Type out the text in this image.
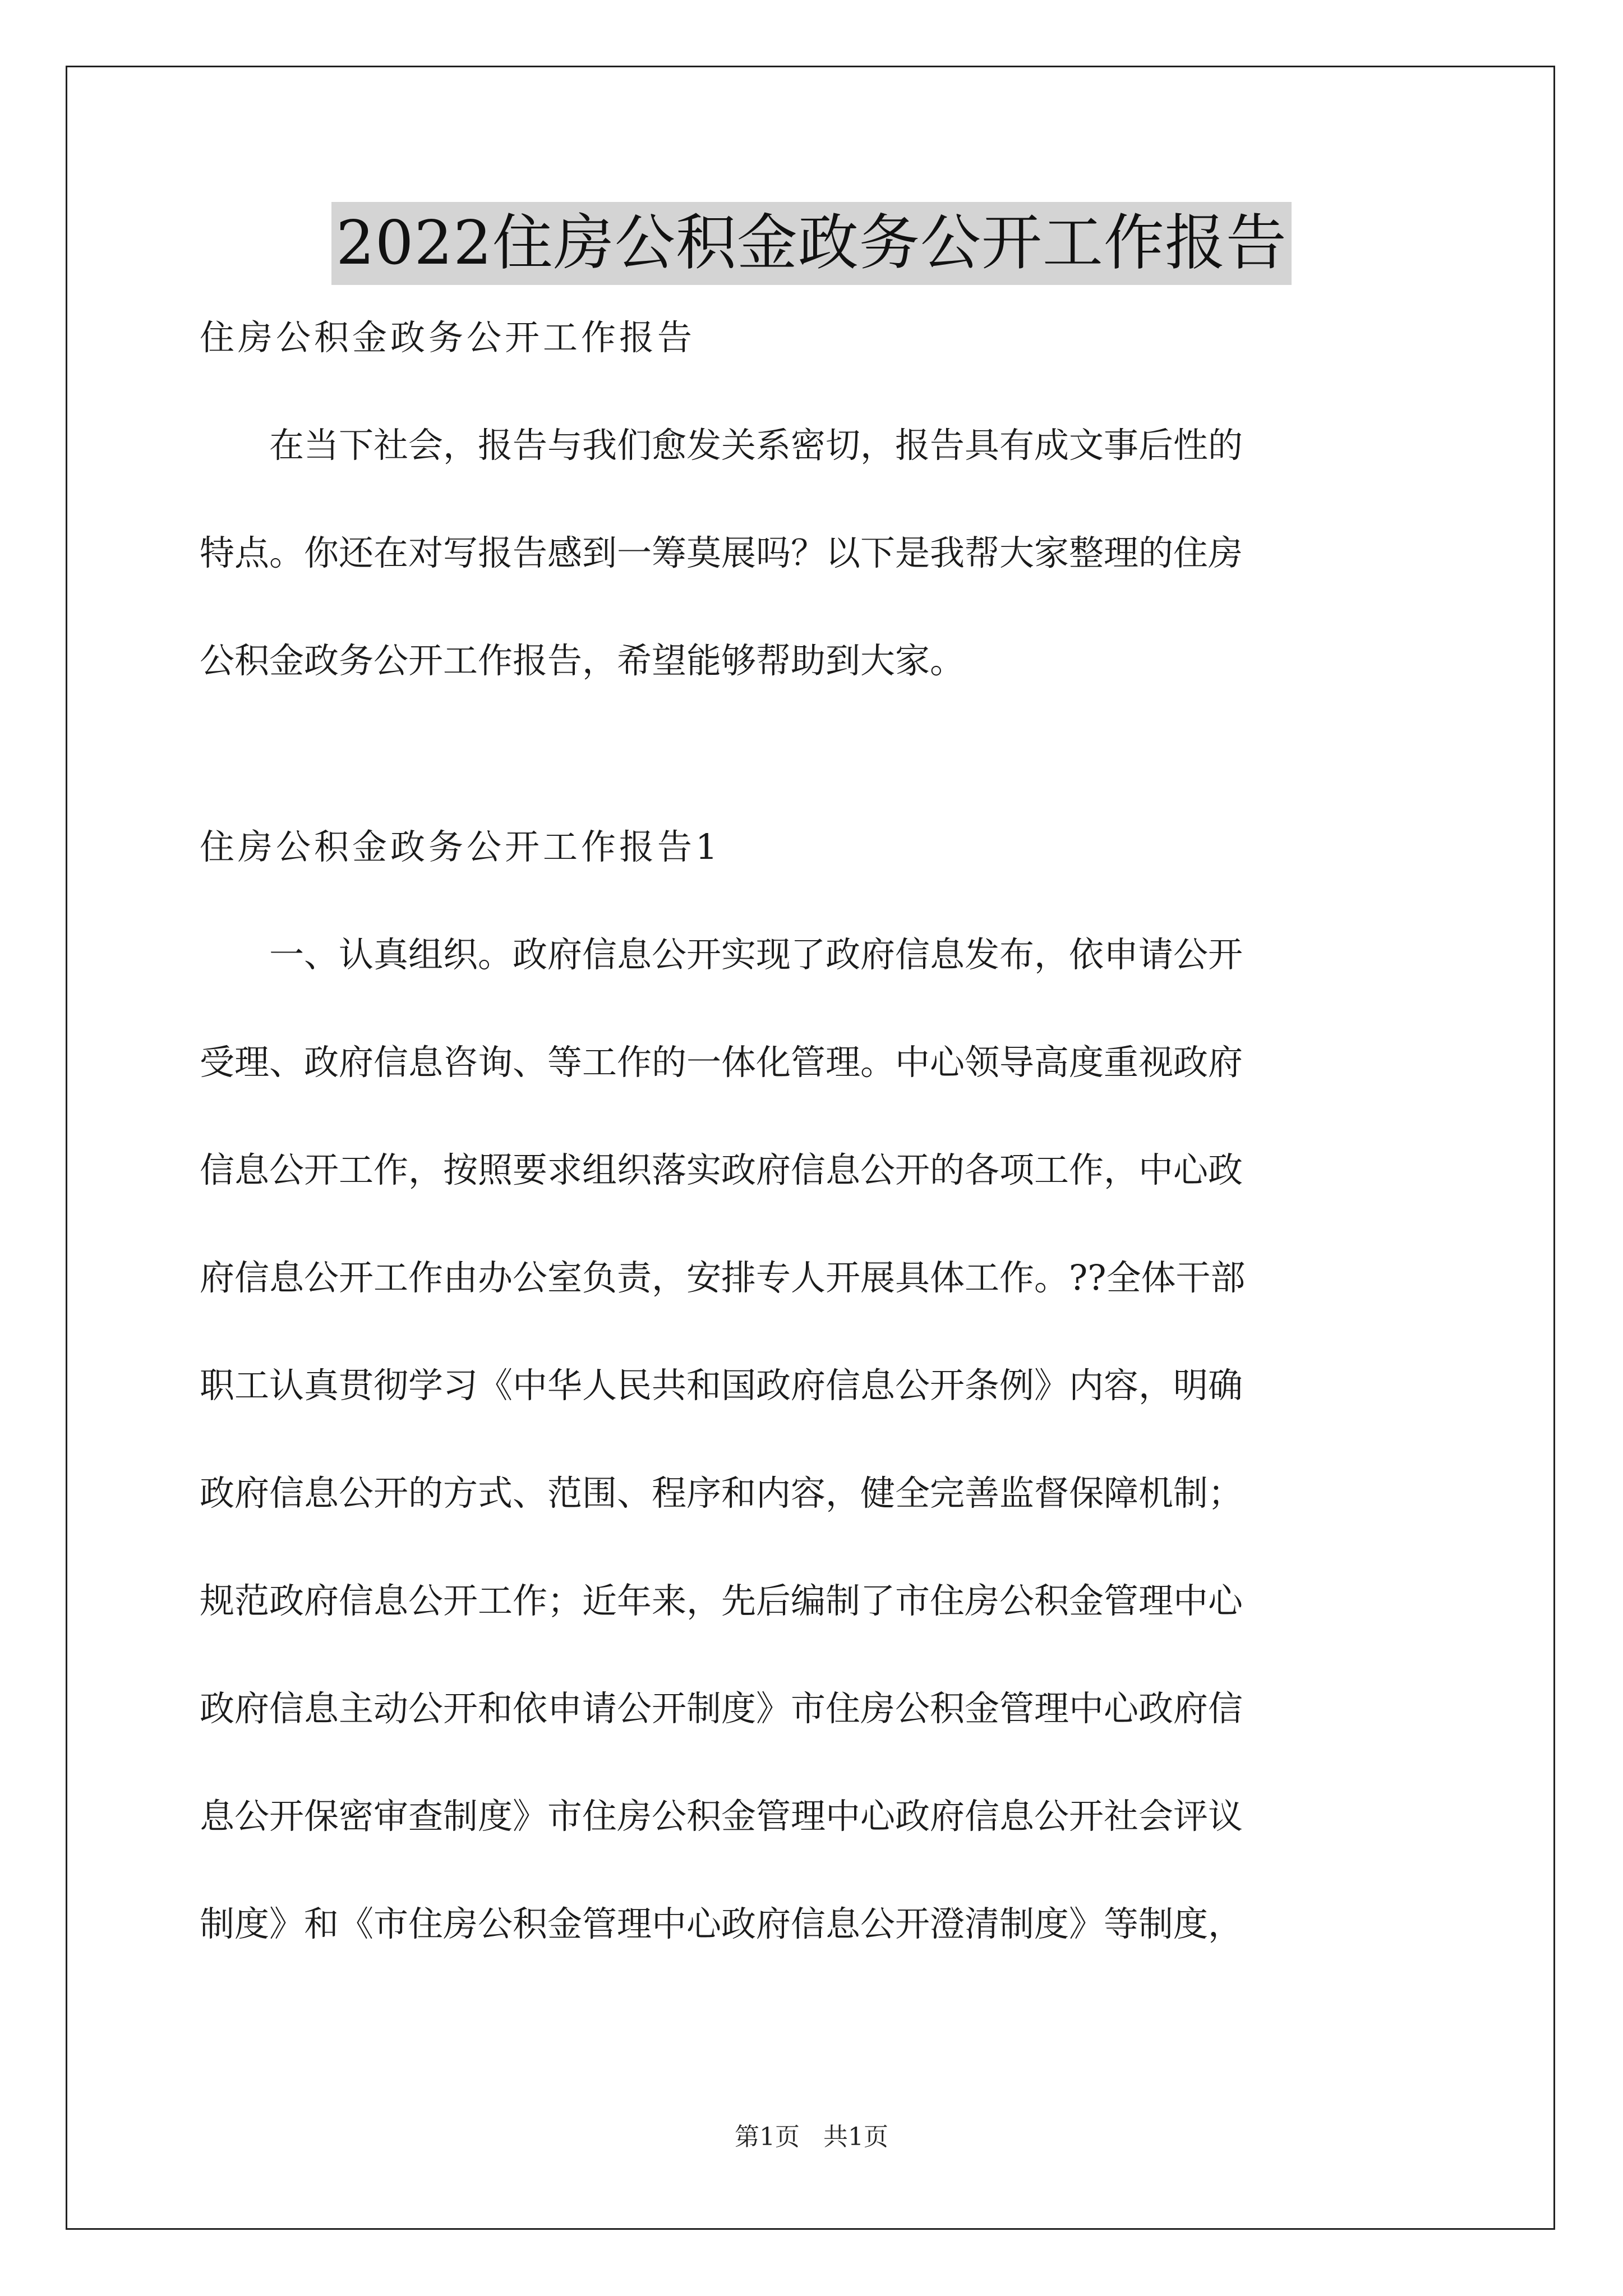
2022住房公积金政务公开工作报告

住房公积金政务公开工作报告

在当下社会，报告与我们愈发关系密切，报告具有成文事后性的

特点。你还在对写报告感到一筹莫展吗？以下是我帮大家整理的住房

公积金政务公开工作报告，希望能够帮助到大家。

住房公积金政务公开工作报告1

一、认真组织。政府信息公开实现了政府信息发布，依申请公开

受理、政府信息咨询、等工作的一体化管理。中心领导高度重视政府

信息公开工作，按照要求组织落实政府信息公开的各项工作，中心政

府信息公开工作由办公室负责，安排专人开展具体工作。??全体干部

职工认真贯彻学习《中华人民共和国政府信息公开条例》内容，明确

政府信息公开的方式、范围、程序和内容，健全完善监督保障机制；

规范政府信息公开工作；近年来，先后编制了市住房公积金管理中心

政府信息主动公开和依申请公开制度》市住房公积金管理中心政府信

息公开保密审查制度》市住房公积金管理中心政府信息公开社会评议

制度》和《市住房公积金管理中心政府信息公开澄清制度》等制度，

第1页 共1页
